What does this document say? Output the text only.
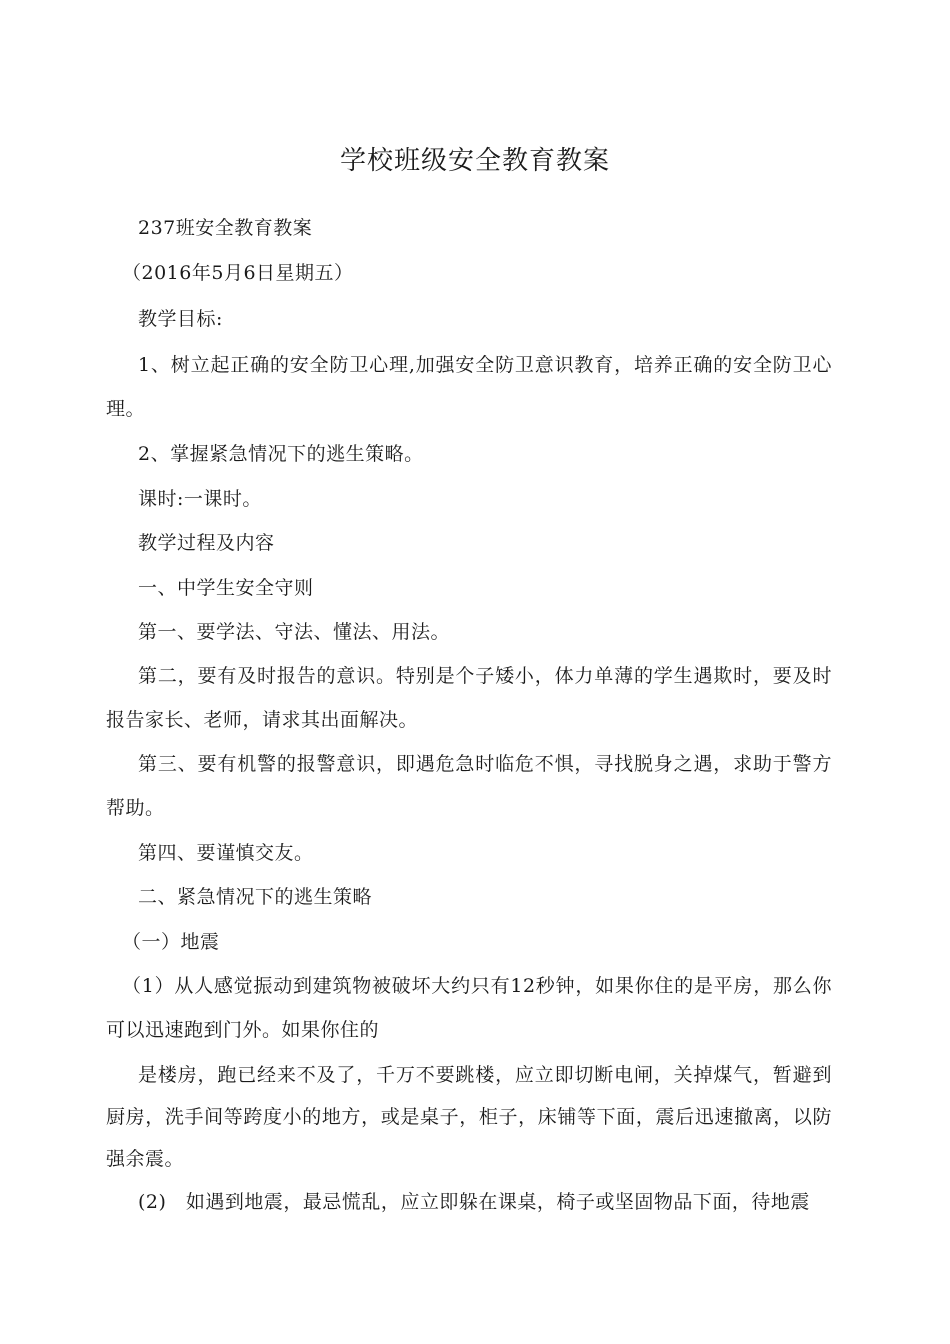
学校班级安全教育教案

237班安全教育教案

（2016年5月6日星期五）

教学目标:

1、树立起正确的安全防卫心理,加强安全防卫意识教育，培养正确的安全防卫心理。

2、掌握紧急情况下的逃生策略。

课时:一课时。

教学过程及内容

一、中学生安全守则

第一、要学法、守法、懂法、用法。

第二，要有及时报告的意识。特别是个子矮小，体力单薄的学生遇欺时，要及时报告家长、老师，请求其出面解决。

第三、要有机警的报警意识，即遇危急时临危不惧，寻找脱身之遇，求助于警方帮助。

第四、要谨慎交友。

二、紧急情况下的逃生策略

（一）地震

（1）从人感觉振动到建筑物被破坏大约只有12秒钟，如果你住的是平房，那么你可以迅速跑到门外。如果你住的

是楼房，跑已经来不及了，千万不要跳楼，应立即切断电闸，关掉煤气，暂避到厨房，洗手间等跨度小的地方，或是桌子，柜子，床铺等下面，震后迅速撤离，以防强余震。

(2)　如遇到地震，最忌慌乱，应立即躲在课桌，椅子或坚固物品下面，待地震
